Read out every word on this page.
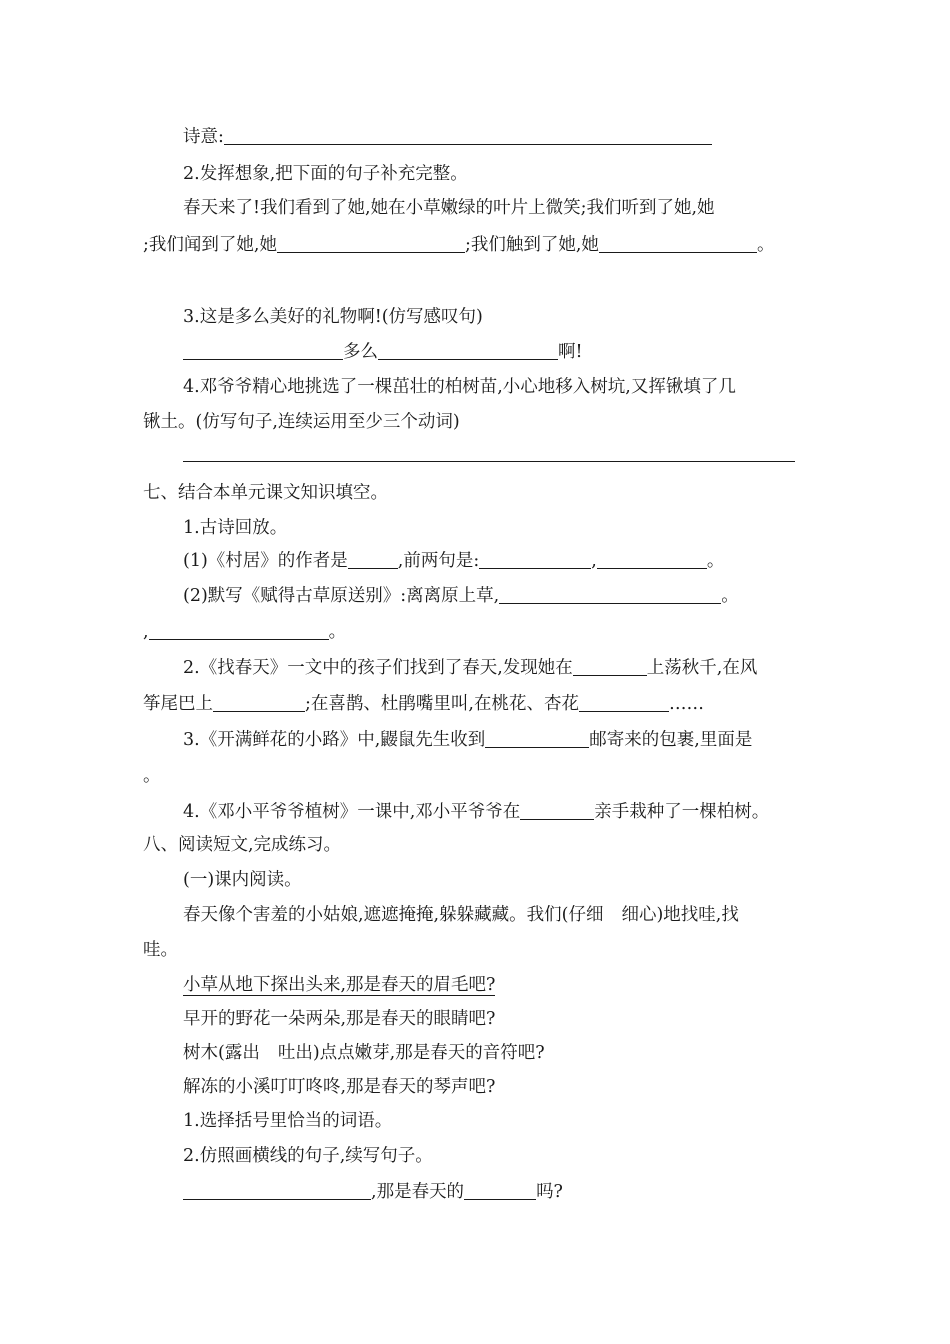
诗意:
2.发挥想象,把下面的句子补充完整。
春天来了!我们看到了她,她在小草嫩绿的叶片上微笑;我们听到了她,她
;我们闻到了她,她	;我们触到了她,她	。
3.这是多么美好的礼物啊!(仿写感叹句)
多么	啊!
4.邓爷爷精心地挑选了一棵茁壮的柏树苗,小心地移入树坑,又挥锹填了几
锹土。(仿写句子,连续运用至少三个动词)
七、结合本单元课文知识填空。
1.古诗回放。
(1)《村居》的作者是	,前两句是:	,	。
(2)默写《赋得古草原送别》:离离原上草,	。
,	。
2.《找春天》一文中的孩子们找到了春天,发现她在	上荡秋千,在风
筝尾巴上	;在喜鹊、杜鹃嘴里叫,在桃花、杏花	……
3.《开满鲜花的小路》中,鼹鼠先生收到	邮寄来的包裹,里面是
。
4.《邓小平爷爷植树》一课中,邓小平爷爷在	亲手栽种了一棵柏树。
八、阅读短文,完成练习。
(一)课内阅读。
春天像个害羞的小姑娘,遮遮掩掩,躲躲藏藏。我们(仔细 细心)地找哇,找
哇。
小草从地下探出头来,那是春天的眉毛吧?
早开的野花一朵两朵,那是春天的眼睛吧?
树木(露出 吐出)点点嫩芽,那是春天的音符吧?
解冻的小溪叮叮咚咚,那是春天的琴声吧?
1.选择括号里恰当的词语。
2.仿照画横线的句子,续写句子。
,那是春天的	吗?
